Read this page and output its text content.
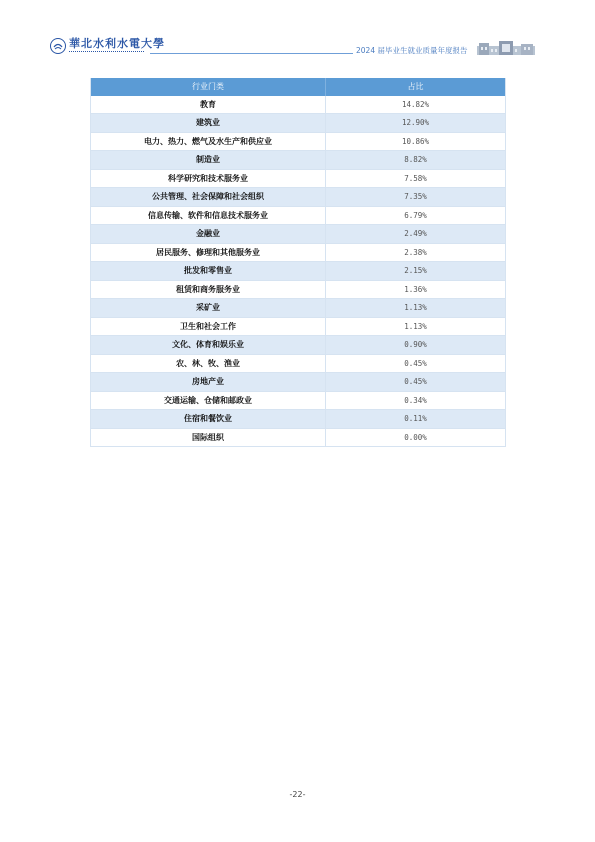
華北水利水電大學
2024 届毕业生就业质量年度报告
行业门类	占比
教育	14.82%
建筑业	12.90%
电力、热力、燃气及水生产和供应业	10.86%
制造业	8.82%
科学研究和技术服务业	7.58%
公共管理、社会保障和社会组织	7.35%
信息传输、软件和信息技术服务业	6.79%
金融业	2.49%
居民服务、修理和其他服务业	2.38%
批发和零售业	2.15%
租赁和商务服务业	1.36%
采矿业	1.13%
卫生和社会工作	1.13%
文化、体育和娱乐业	0.90%
农、林、牧、渔业	0.45%
房地产业	0.45%
交通运输、仓储和邮政业	0.34%
住宿和餐饮业	0.11%
国际组织	0.00%
-22-
